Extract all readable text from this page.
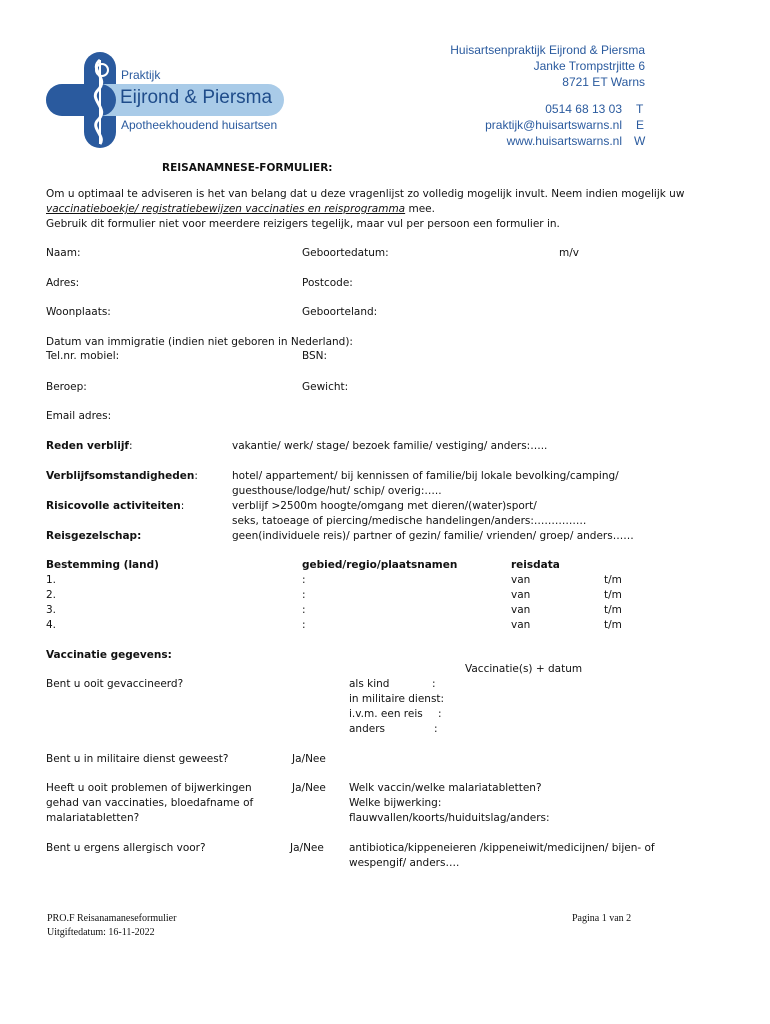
Praktijk
Eijrond & Piersma
Apotheekhoudend huisartsen
Huisartsenpraktijk Eijrond & Piersma
Janke Trompstrjitte 6
8721 ET Warns
0514 68 13 03 T
praktijk@huisartswarns.nl E
www.huisartswarns.nl W
REISANAMNESE-FORMULIER:
Om u optimaal te adviseren is het van belang dat u deze vragenlijst zo volledig mogelijk invult. Neem indien mogelijk uw
vaccinatieboekje/ registratiebewijzen vaccinaties en reisprogramma mee.
Gebruik dit formulier niet voor meerdere reizigers tegelijk, maar vul per persoon een formulier in.
Naam:	Geboortedatum:	m/v
Adres:	Postcode:
Woonplaats:	Geboorteland:
Datum van immigratie (indien niet geboren in Nederland):
Tel.nr. mobiel:	BSN:
Beroep:	Gewicht:
Email adres:
Reden verblijf:	vakantie/ werk/ stage/ bezoek familie/ vestiging/ anders:…..
Verblijfsomstandigheden:	hotel/ appartement/ bij kennissen of familie/bij lokale bevolking/camping/
guesthouse/lodge/hut/ schip/ overig:…..
Risicovolle activiteiten:	verblijf >2500m hoogte/omgang met dieren/(water)sport/
seks, tatoeage of piercing/medische handelingen/anders:……………
Reisgezelschap:	geen(individuele reis)/ partner of gezin/ familie/ vrienden/ groep/ anders……
Bestemming (land)	gebied/regio/plaatsnamen	reisdata
1.	:	van	t/m
2.	:	van	t/m
3.	:	van	t/m
4.	:	van	t/m
Vaccinatie gegevens:
Vaccinatie(s) + datum
Bent u ooit gevaccineerd?	als kind	:
in militaire dienst:
i.v.m. een reis :
anders	:
Bent u in militaire dienst geweest?	Ja/Nee
Heeft u ooit problemen of bijwerkingen
gehad van vaccinaties, bloedafname of
malariatabletten?
Ja/Nee Welk vaccin/welke malariatabletten?
Welke bijwerking:
flauwvallen/koorts/huiduitslag/anders:
Bent u ergens allergisch voor?	Ja/Nee antibiotica/kippeneieren /kippeneiwit/medicijnen/ bijen- of
wespengif/ anders….
PRO.F Reisanamaneseformulier
Uitgiftedatum: 16-11-2022
Pagina 1 van 2
